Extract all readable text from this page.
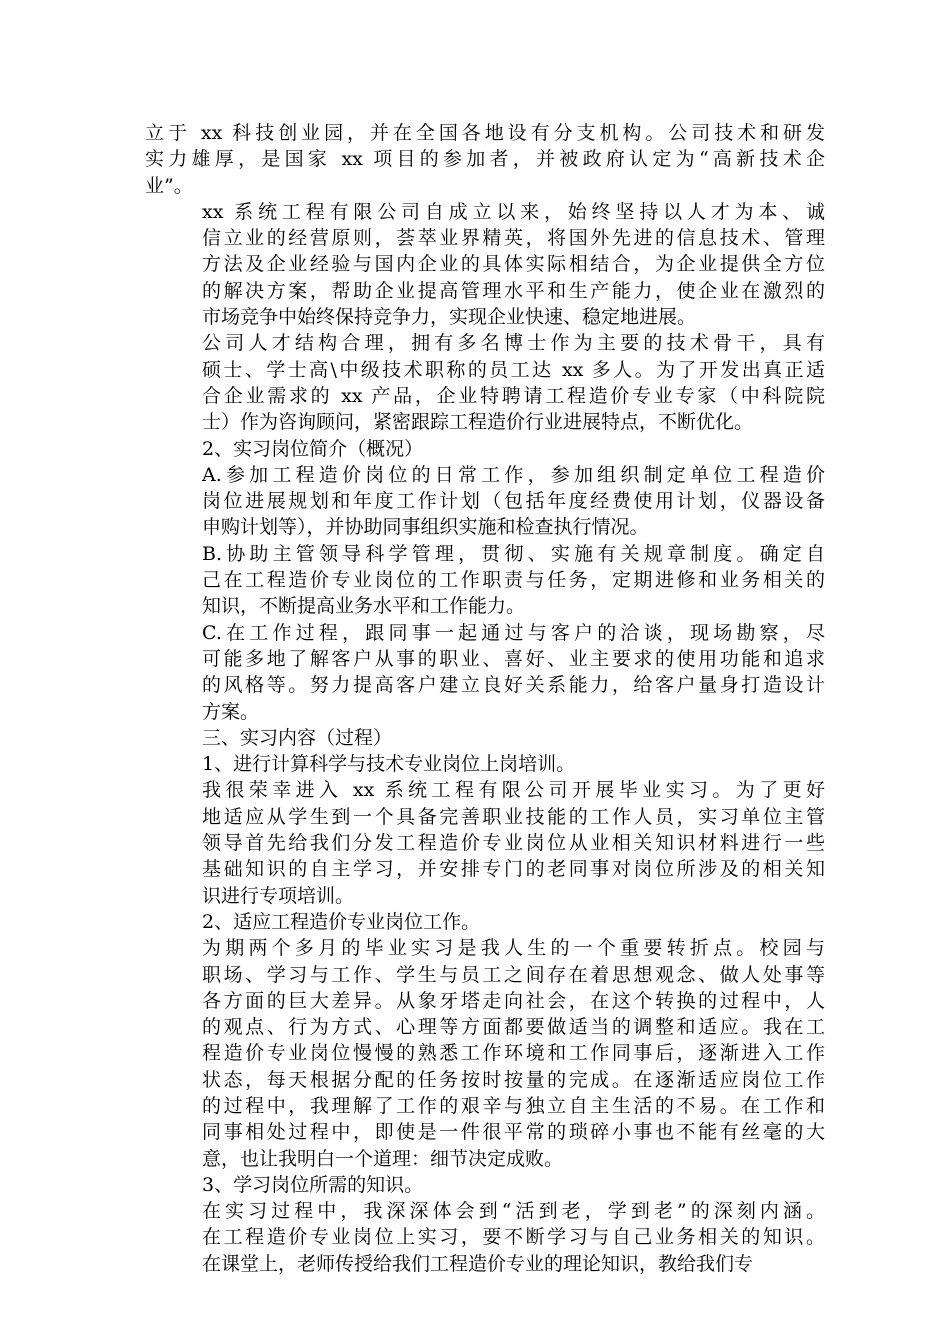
立于 xx 科技创业园，并在全国各地设有分支机构。公司技术和研发
实力雄厚，是国家 xx 项目的参加者，并被政府认定为“高新技术企
业”。
xx 系统工程有限公司自成立以来，始终坚持以人才为本、诚
信立业的经营原则，荟萃业界精英，将国外先进的信息技术、管理
方法及企业经验与国内企业的具体实际相结合，为企业提供全方位
的解决方案，帮助企业提高管理水平和生产能力，使企业在激烈的
市场竞争中始终保持竞争力，实现企业快速、稳定地进展。
公司人才结构合理，拥有多名博士作为主要的技术骨干，具有
硕士、学士高\中级技术职称的员工达 xx 多人。为了开发出真正适
合企业需求的 xx 产品，企业特聘请工程造价专业专家（中科院院
士）作为咨询顾问，紧密跟踪工程造价行业进展特点，不断优化。
2、实习岗位简介（概况）
A.参加工程造价岗位的日常工作，参加组织制定单位工程造价
岗位进展规划和年度工作计划（包括年度经费使用计划，仪器设备
申购计划等），并协助同事组织实施和检查执行情况。
B.协助主管领导科学管理，贯彻、实施有关规章制度。确定自
己在工程造价专业岗位的工作职责与任务，定期进修和业务相关的
知识，不断提高业务水平和工作能力。
C.在工作过程，跟同事一起通过与客户的洽谈，现场勘察，尽
可能多地了解客户从事的职业、喜好、业主要求的使用功能和追求
的风格等。努力提高客户建立良好关系能力，给客户量身打造设计
方案。
三、实习内容（过程）
1、进行计算科学与技术专业岗位上岗培训。
我很荣幸进入 xx 系统工程有限公司开展毕业实习。为了更好
地适应从学生到一个具备完善职业技能的工作人员，实习单位主管
领导首先给我们分发工程造价专业岗位从业相关知识材料进行一些
基础知识的自主学习，并安排专门的老同事对岗位所涉及的相关知
识进行专项培训。
2、适应工程造价专业岗位工作。
为期两个多月的毕业实习是我人生的一个重要转折点。校园与
职场、学习与工作、学生与员工之间存在着思想观念、做人处事等
各方面的巨大差异。从象牙塔走向社会，在这个转换的过程中，人
的观点、行为方式、心理等方面都要做适当的调整和适应。我在工
程造价专业岗位慢慢的熟悉工作环境和工作同事后，逐渐进入工作
状态，每天根据分配的任务按时按量的完成。在逐渐适应岗位工作
的过程中，我理解了工作的艰辛与独立自主生活的不易。在工作和
同事相处过程中，即使是一件很平常的琐碎小事也不能有丝毫的大
意，也让我明白一个道理：细节决定成败。
3、学习岗位所需的知识。
在实习过程中，我深深体会到“活到老，学到老”的深刻内涵。
在工程造价专业岗位上实习，要不断学习与自己业务相关的知识。
在课堂上，老师传授给我们工程造价专业的理论知识，教给我们专
